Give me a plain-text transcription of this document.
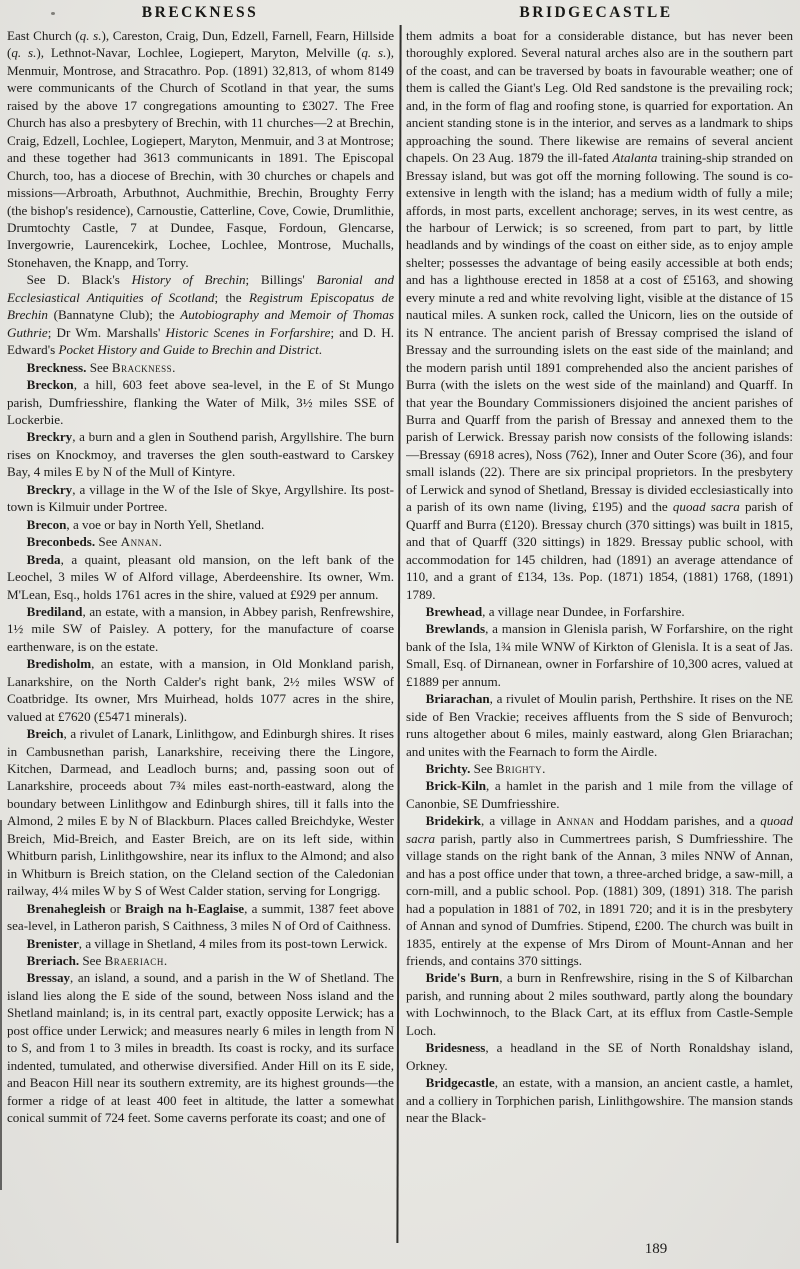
BRECKNESS	BRIDGECASTLE

East Church (q. s.), Careston, Craig, Dun, Edzell, Farnell, Fearn, Hillside (q. s.), Lethnot-Navar, Lochlee, Logiepert, Maryton, Melville (q. s.), Menmuir, Montrose, and Stracathro. Pop. (1891) 32,813, of whom 8149 were communicants of the Church of Scotland in that year, the sums raised by the above 17 congregations amounting to £3027. The Free Church has also a presbytery of Brechin, with 11 churches—2 at Brechin, Craig, Edzell, Lochlee, Logiepert, Maryton, Menmuir, and 3 at Montrose; and these together had 3613 communicants in 1891. The Episcopal Church, too, has a diocese of Brechin, with 30 churches or chapels and missions—Arbroath, Arbuthnot, Auchmithie, Brechin, Broughty Ferry (the bishop's residence), Carnoustie, Catterline, Cove, Cowie, Drumlithie, Drumtochty Castle, 7 at Dundee, Fasque, Fordoun, Glencarse, Invergowrie, Laurencekirk, Lochee, Lochlee, Montrose, Muchalls, Stonehaven, the Knapp, and Torry.

See D. Black's History of Brechin; Billings' Baronial and Ecclesiastical Antiquities of Scotland; the Registrum Episcopatus de Brechin (Bannatyne Club); the Autobiography and Memoir of Thomas Guthrie; Dr Wm. Marshalls' Historic Scenes in Forfarshire; and D. H. Edward's Pocket History and Guide to Brechin and District.

Breckness. See Brackness.

Breckon, a hill, 603 feet above sea-level, in the E of St Mungo parish, Dumfriesshire, flanking the Water of Milk, 3½ miles SSE of Lockerbie.

Breckry, a burn and a glen in Southend parish, Argyllshire. The burn rises on Knockmoy, and traverses the glen south-eastward to Carskey Bay, 4 miles E by N of the Mull of Kintyre.

Breckry, a village in the W of the Isle of Skye, Argyllshire. Its post-town is Kilmuir under Portree.

Brecon, a voe or bay in North Yell, Shetland.

Breconbeds. See Annan.

Breda, a quaint, pleasant old mansion, on the left bank of the Leochel, 3 miles W of Alford village, Aberdeenshire. Its owner, Wm. M'Lean, Esq., holds 1761 acres in the shire, valued at £929 per annum.

Brediland, an estate, with a mansion, in Abbey parish, Renfrewshire, 1½ mile SW of Paisley. A pottery, for the manufacture of coarse earthenware, is on the estate.

Bredisholm, an estate, with a mansion, in Old Monkland parish, Lanarkshire, on the North Calder's right bank, 2½ miles WSW of Coatbridge. Its owner, Mrs Muirhead, holds 1077 acres in the shire, valued at £7620 (£5471 minerals).

Breich, a rivulet of Lanark, Linlithgow, and Edinburgh shires. It rises in Cambusnethan parish, Lanarkshire, receiving there the Lingore, Kitchen, Darmead, and Leadloch burns; and, passing soon out of Lanarkshire, proceeds about 7¾ miles east-north-eastward, along the boundary between Linlithgow and Edinburgh shires, till it falls into the Almond, 2 miles E by N of Blackburn. Places called Breichdyke, Wester Breich, Mid-Breich, and Easter Breich, are on its left side, within Whitburn parish, Linlithgowshire, near its influx to the Almond; and also in Whitburn is Breich station, on the Cleland section of the Caledonian railway, 4¼ miles W by S of West Calder station, serving for Longrigg.

Brenahegleish or Braigh na h-Eaglaise, a summit, 1387 feet above sea-level, in Latheron parish, S Caithness, 3 miles N of Ord of Caithness.

Brenister, a village in Shetland, 4 miles from its post-town Lerwick.

Breriach. See Braeriach.

Bressay, an island, a sound, and a parish in the W of Shetland. The island lies along the E side of the sound, between Noss island and the Shetland mainland; is, in its central part, exactly opposite Lerwick; has a post office under Lerwick; and measures nearly 6 miles in length from N to S, and from 1 to 3 miles in breadth. Its coast is rocky, and its surface indented, tumulated, and otherwise diversified. Ander Hill on its E side, and Beacon Hill near its southern extremity, are its highest grounds—the former a ridge of at least 400 feet in altitude, the latter a somewhat conical summit of 724 feet. Some caverns perforate its coast; and one of

them admits a boat for a considerable distance, but has never been thoroughly explored. Several natural arches also are in the southern part of the coast, and can be traversed by boats in favourable weather; one of them is called the Giant's Leg. Old Red sandstone is the prevailing rock; and, in the form of flag and roofing stone, is quarried for exportation. An ancient standing stone is in the interior, and serves as a landmark to ships approaching the sound. There likewise are remains of several ancient chapels. On 23 Aug. 1879 the ill-fated Atalanta training-ship stranded on Bressay island, but was got off the morning following. The sound is co-extensive in length with the island; has a medium width of fully a mile; affords, in most parts, excellent anchorage; serves, in its west centre, as the harbour of Lerwick; is so screened, from part to part, by little headlands and by windings of the coast on either side, as to enjoy ample shelter; possesses the advantage of being easily accessible at both ends; and has a lighthouse erected in 1858 at a cost of £5163, and showing every minute a red and white revolving light, visible at the distance of 15 nautical miles. A sunken rock, called the Unicorn, lies on the outside of its N entrance. The ancient parish of Bressay comprised the island of Bressay and the surrounding islets on the east side of the mainland; and the modern parish until 1891 comprehended also the ancient parishes of Burra (with the islets on the west side of the mainland) and Quarff. In that year the Boundary Commissioners disjoined the ancient parishes of Burra and Quarff from the parish of Bressay and annexed them to the parish of Lerwick. Bressay parish now consists of the following islands:—Bressay (6918 acres), Noss (762), Inner and Outer Score (36), and four small islands (22). There are six principal proprietors. In the presbytery of Lerwick and synod of Shetland, Bressay is divided ecclesiastically into a parish of its own name (living, £195) and the quoad sacra parish of Quarff and Burra (£120). Bressay church (370 sittings) was built in 1815, and that of Quarff (320 sittings) in 1829. Bressay public school, with accommodation for 145 children, had (1891) an average attendance of 110, and a grant of £134, 13s. Pop. (1871) 1854, (1881) 1768, (1891) 1789.

Brewhead, a village near Dundee, in Forfarshire.

Brewlands, a mansion in Glenisla parish, W Forfarshire, on the right bank of the Isla, 1¾ mile WNW of Kirkton of Glenisla. It is a seat of Jas. Small, Esq. of Dirnanean, owner in Forfarshire of 10,300 acres, valued at £1889 per annum.

Briarachan, a rivulet of Moulin parish, Perthshire. It rises on the NE side of Ben Vrackie; receives affluents from the S side of Benvuroch; runs altogether about 6 miles, mainly eastward, along Glen Briarachan; and unites with the Fearnach to form the Airdle.

Brichty. See Brighty.

Brick-Kiln, a hamlet in the parish and 1 mile from the village of Canonbie, SE Dumfriesshire.

Bridekirk, a village in Annan and Hoddam parishes, and a quoad sacra parish, partly also in Cummertrees parish, S Dumfriesshire. The village stands on the right bank of the Annan, 3 miles NNW of Annan, and has a post office under that town, a three-arched bridge, a saw-mill, a corn-mill, and a public school. Pop. (1881) 309, (1891) 318. The parish had a population in 1881 of 702, in 1891 720; and it is in the presbytery of Annan and synod of Dumfries. Stipend, £200. The church was built in 1835, entirely at the expense of Mrs Dirom of Mount-Annan and her friends, and contains 370 sittings.

Bride's Burn, a burn in Renfrewshire, rising in the S of Kilbarchan parish, and running about 2 miles southward, partly along the boundary with Lochwinnoch, to the Black Cart, at its efflux from Castle-Semple Loch.

Bridesness, a headland in the SE of North Ronaldshay island, Orkney.

Bridgecastle, an estate, with a mansion, an ancient castle, a hamlet, and a colliery in Torphichen parish, Linlithgowshire. The mansion stands near the Black-

189
